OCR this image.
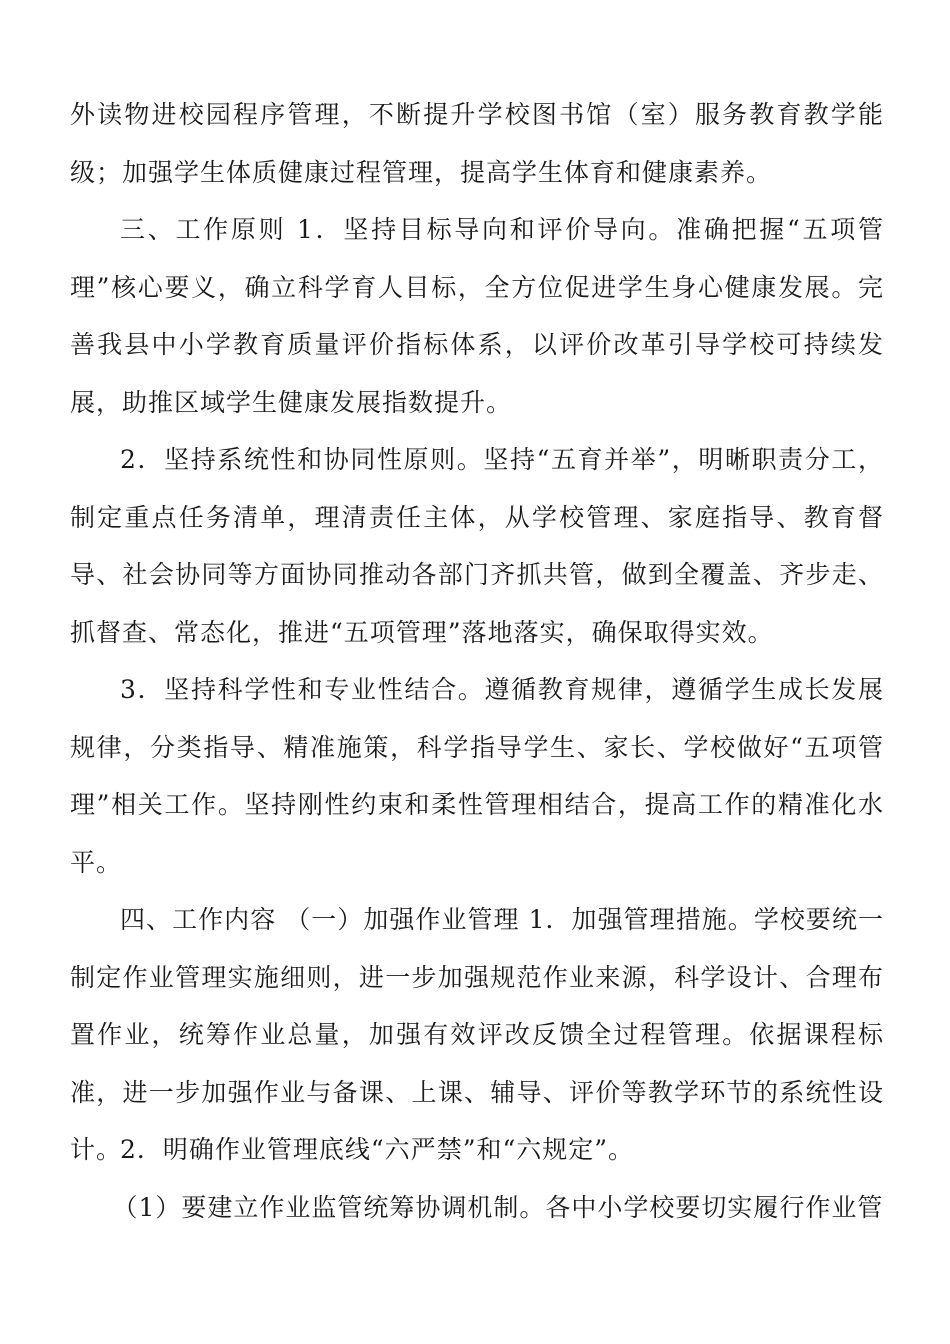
外读物进校园程序管理，不断提升学校图书馆（室）服务教育教学能级；加强学生体质健康过程管理，提高学生体育和健康素养。

三、工作原则 1．坚持目标导向和评价导向。准确把握“五项管理”核心要义，确立科学育人目标，全方位促进学生身心健康发展。完善我县中小学教育质量评价指标体系，以评价改革引导学校可持续发展，助推区域学生健康发展指数提升。

2．坚持系统性和协同性原则。坚持“五育并举”，明晰职责分工，制定重点任务清单，理清责任主体，从学校管理、家庭指导、教育督导、社会协同等方面协同推动各部门齐抓共管，做到全覆盖、齐步走、抓督查、常态化，推进“五项管理”落地落实，确保取得实效。

3．坚持科学性和专业性结合。遵循教育规律，遵循学生成长发展规律，分类指导、精准施策，科学指导学生、家长、学校做好“五项管理”相关工作。坚持刚性约束和柔性管理相结合，提高工作的精准化水平。

四、工作内容 （一）加强作业管理 1．加强管理措施。学校要统一制定作业管理实施细则，进一步加强规范作业来源，科学设计、合理布置作业，统筹作业总量，加强有效评改反馈全过程管理。依据课程标准，进一步加强作业与备课、上课、辅导、评价等教学环节的系统性设计。

2．明确作业管理底线“六严禁”和“六规定”。

（1）要建立作业监管统筹协调机制。各中小学校要切实履行作业管
